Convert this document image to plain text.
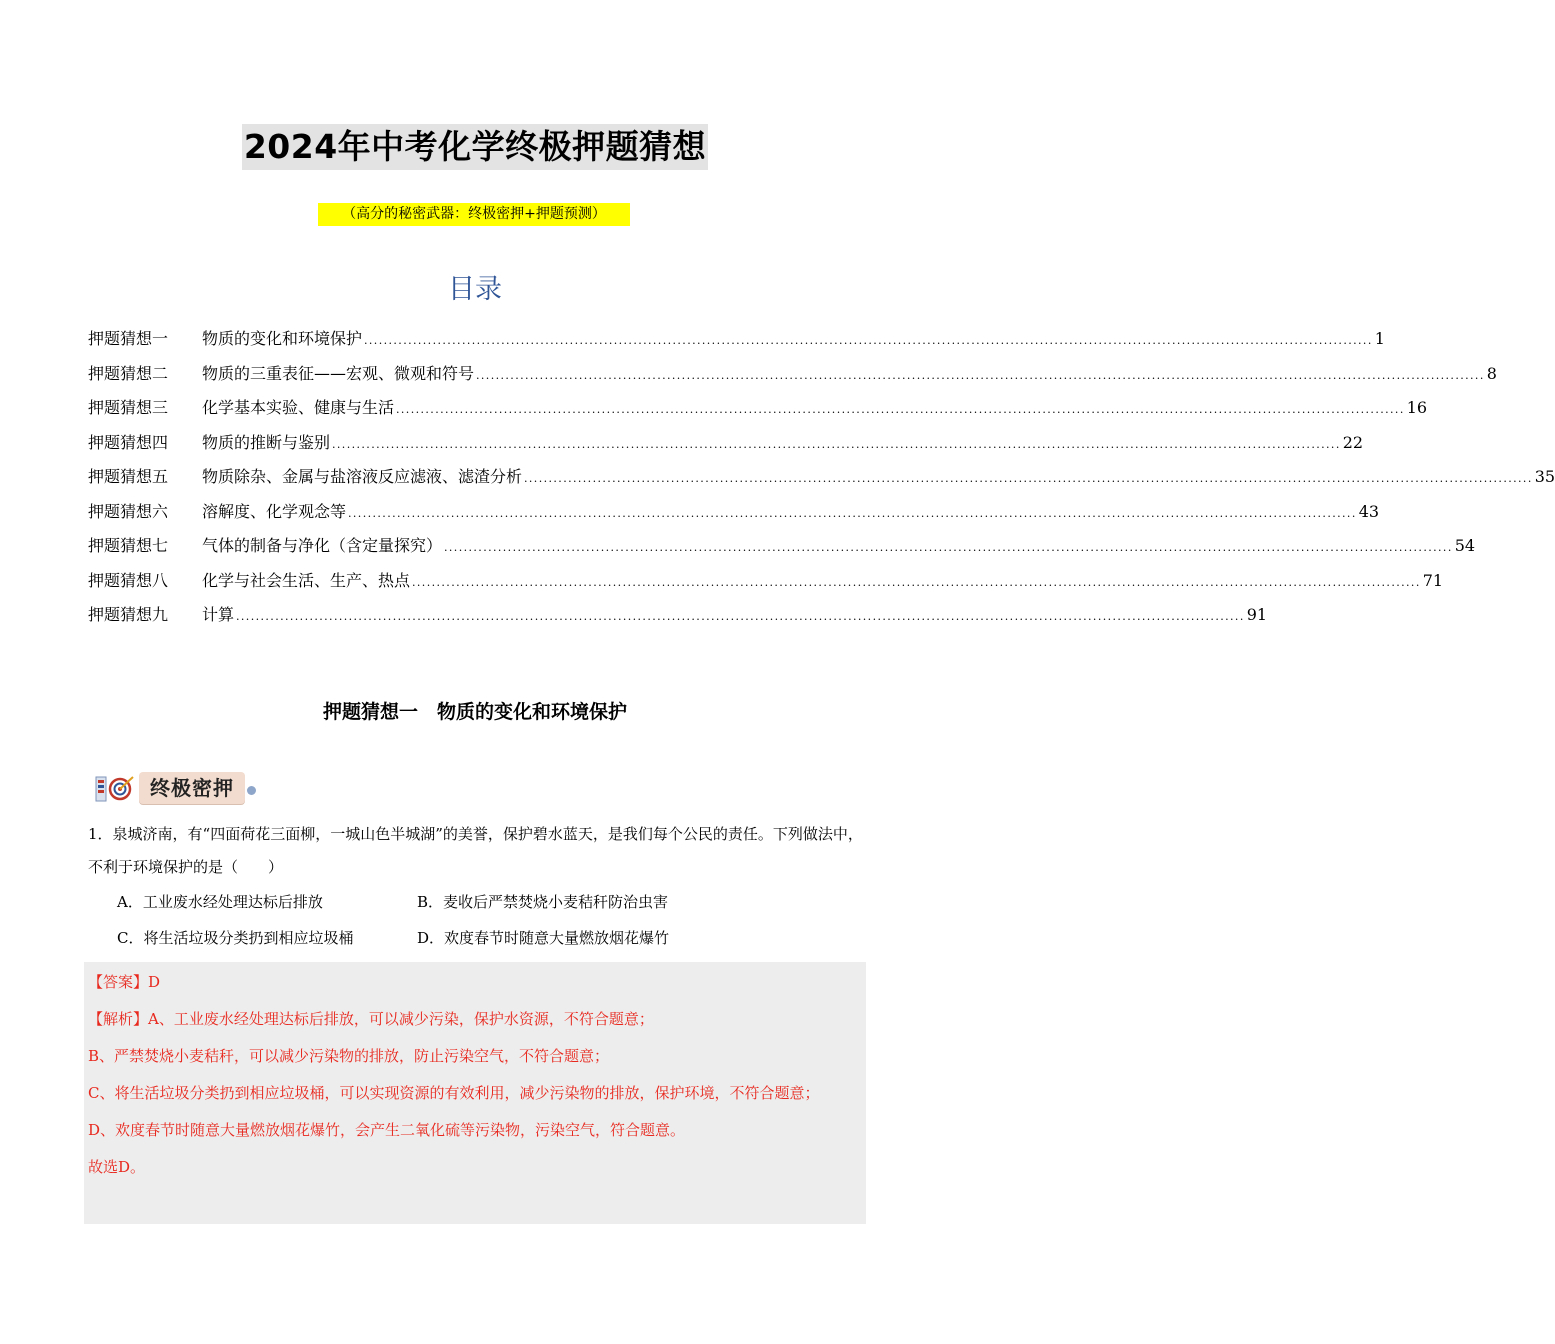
2024年中考化学终极押题猜想
（高分的秘密武器：终极密押+押题预测）
目录
押题猜想一	物质的变化和环境保护 .............................................................................................................................................................................................................. 1
押题猜想二	物质的三重表征——宏观、微观和符号 .............................................................................................................................................................................................................. 8
押题猜想三	化学基本实验、健康与生活 .............................................................................................................................................................................................................. 16
押题猜想四	物质的推断与鉴别 .............................................................................................................................................................................................................. 22
押题猜想五	物质除杂、金属与盐溶液反应滤液、滤渣分析 .............................................................................................................................................................................................................. 35
押题猜想六	溶解度、化学观念等 .............................................................................................................................................................................................................. 43
押题猜想七	气体的制备与净化（含定量探究） .............................................................................................................................................................................................................. 54
押题猜想八	化学与社会生活、生产、热点 .............................................................................................................................................................................................................. 71
押题猜想九	计算 .............................................................................................................................................................................................................. 91
押题猜想一　物质的变化和环境保护
终极密押
1．泉城济南，有“四面荷花三面柳，一城山色半城湖”的美誉，保护碧水蓝天，是我们每个公民的责任。下列做法中，不利于环境保护的是（　　）
A．工业废水经处理达标后排放	B．麦收后严禁焚烧小麦秸秆防治虫害
C．将生活垃圾分类扔到相应垃圾桶	D．欢度春节时随意大量燃放烟花爆竹

【答案】D

【解析】A、工业废水经处理达标后排放，可以减少污染，保护水资源，不符合题意；

B、严禁焚烧小麦秸秆，可以减少污染物的排放，防止污染空气，不符合题意；

C、将生活垃圾分类扔到相应垃圾桶，可以实现资源的有效利用，减少污染物的排放，保护环境，不符合题意；

D、欢度春节时随意大量燃放烟花爆竹，会产生二氧化硫等污染物，污染空气，符合题意。

故选D。
